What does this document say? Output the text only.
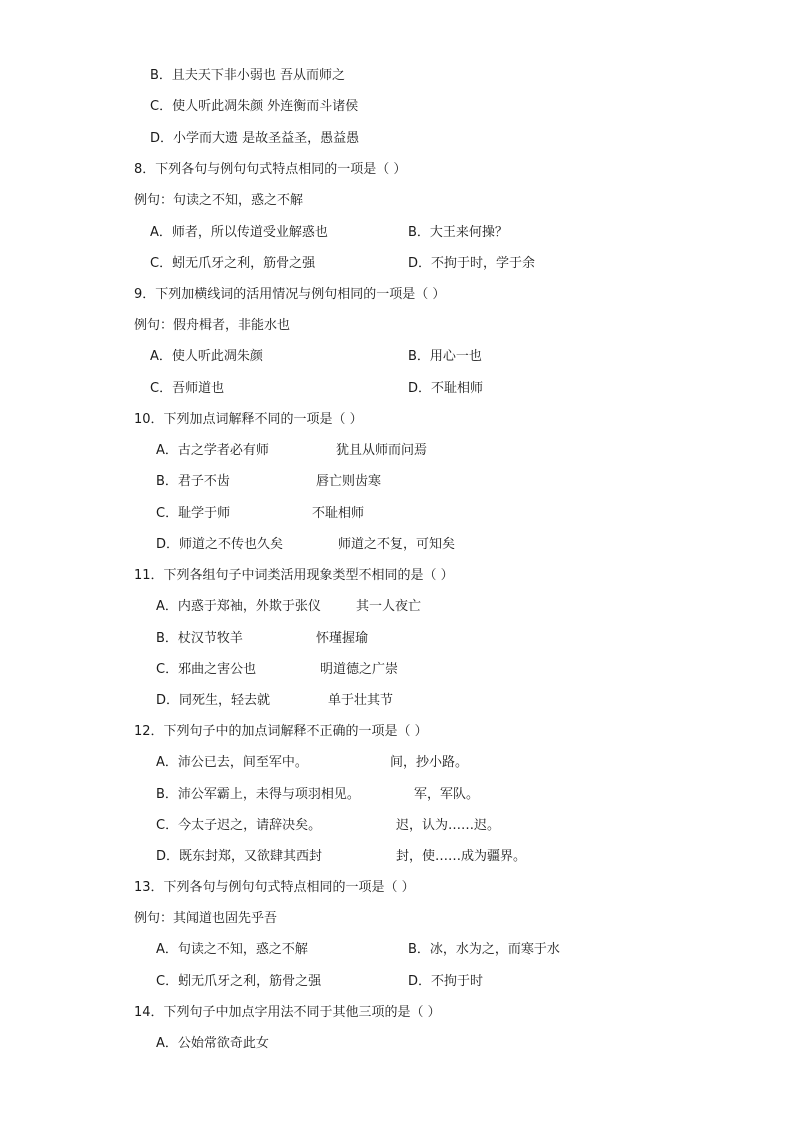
B．且夫天下非小弱也 吾从而师之
C．使人听此凋朱颜 外连衡而斗诸侯
D．小学而大遗 是故圣益圣，愚益愚
8．下列各句与例句句式特点相同的一项是（ ）
例句：句读之不知，惑之不解
A．师者，所以传道受业解惑也	B．大王来何操？
C．蚓无爪牙之利，筋骨之强	D．不拘于时，学于余
9．下列加横线词的活用情况与例句相同的一项是（ ）
例句：假舟楫者，非能水也
A．使人听此凋朱颜	B．用心一也
C．吾师道也	D．不耻相师
10．下列加点词解释不同的一项是（ ）
A．古之学者必有师	犹且从师而问焉
B．君子不齿	唇亡则齿寒
C．耻学于师	不耻相师
D．师道之不传也久矣	师道之不复，可知矣
11．下列各组句子中词类活用现象类型不相同的是（ ）
A．内惑于郑袖，外欺于张仪	其一人夜亡
B．杖汉节牧羊	怀瑾握瑜
C．邪曲之害公也	明道德之广崇
D．同死生，轻去就	单于壮其节
12．下列句子中的加点词解释不正确的一项是（ ）
A．沛公已去，间至军中。	间，抄小路。
B．沛公军霸上，未得与项羽相见。	军，军队。
C．今太子迟之，请辞决矣。	迟，认为……迟。
D．既东封郑，又欲肆其西封	封，使……成为疆界。
13．下列各句与例句句式特点相同的一项是（ ）
例句：其闻道也固先乎吾
A．句读之不知，惑之不解	B．冰，水为之，而寒于水
C．蚓无爪牙之利，筋骨之强	D．不拘于时
14．下列句子中加点字用法不同于其他三项的是（ ）
A．公始常欲奇此女
